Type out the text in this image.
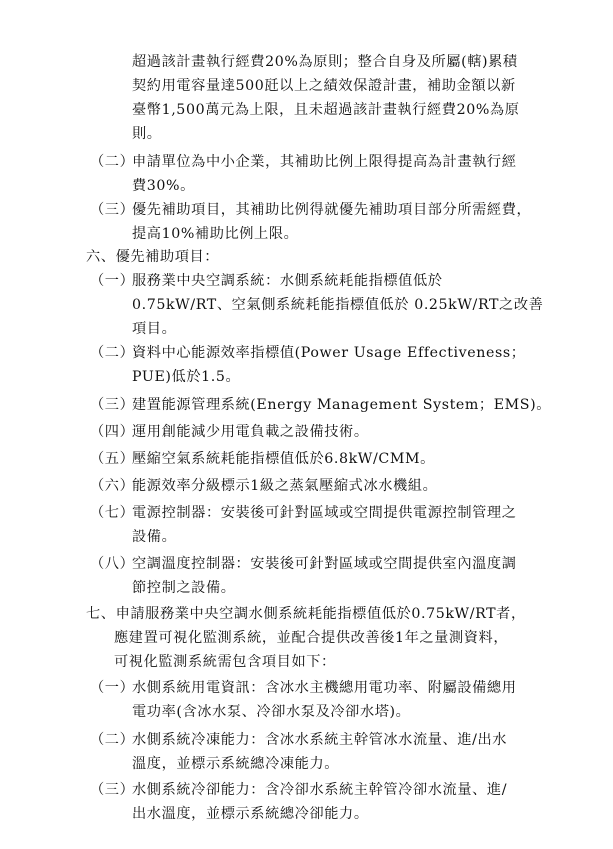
超過該計畫執行經費20%為原則；整合自身及所屬(轄)累積
契約用電容量達500瓩以上之績效保證計畫，補助金額以新
臺幣1,500萬元為上限，且未超過該計畫執行經費20%為原
則。
（二）
申請單位為中小企業，其補助比例上限得提高為計畫執行經
費30%。
（三）
優先補助項目，其補助比例得就優先補助項目部分所需經費，
提高10%補助比例上限。
六、優先補助項目：
（一）
服務業中央空調系統：水側系統耗能指標值低於
0.75kW/RT、空氣側系統耗能指標值低於 0.25kW/RT之改善
項目。
（二）
資料中心能源效率指標值(Power Usage Effectiveness；
PUE)低於1.5。
（三）
建置能源管理系統(Energy Management System；EMS)。
（四）
運用創能減少用電負載之設備技術。
（五）
壓縮空氣系統耗能指標值低於6.8kW/CMM。
（六）
能源效率分級標示1級之蒸氣壓縮式冰水機組。
（七）
電源控制器：安裝後可針對區域或空間提供電源控制管理之
設備。
（八）
空調溫度控制器：安裝後可針對區域或空間提供室內溫度調
節控制之設備。
七、申請服務業中央空調水側系統耗能指標值低於0.75kW/RT者，
應建置可視化監測系統，並配合提供改善後1年之量測資料，
可視化監測系統需包含項目如下：
（一）
水側系統用電資訊：含冰水主機總用電功率、附屬設備總用
電功率(含冰水泵、冷卻水泵及冷卻水塔)。
（二）
水側系統冷凍能力：含冰水系統主幹管冰水流量、進/出水
溫度，並標示系統總冷凍能力。
（三）
水側系統冷卻能力：含冷卻水系統主幹管冷卻水流量、進/
出水溫度，並標示系統總冷卻能力。
